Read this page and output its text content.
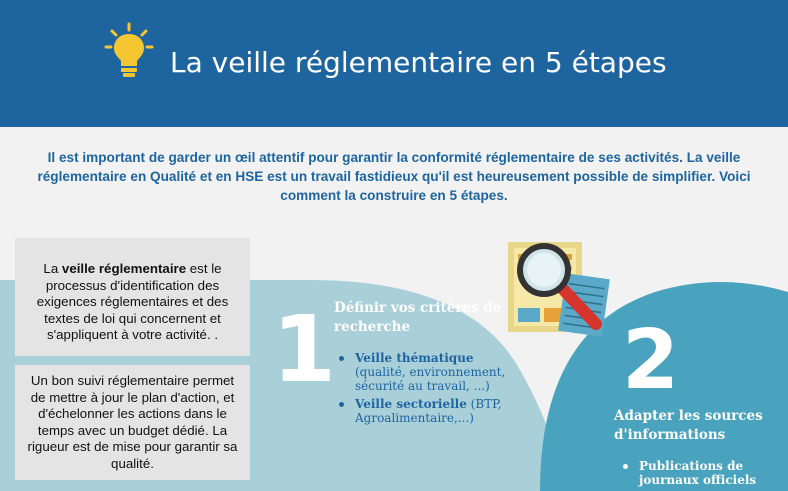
La veille réglementaire en 5 étapes

Il est important de garder un œil attentif pour garantir la conformité réglementaire de ses activités. La veille réglementaire en Qualité et en HSE est un travail fastidieux qu'il est heureusement possible de simplifier. Voici comment la construire en 5 étapes.

La veille réglementaire est le processus d'identification des exigences réglementaires et des textes de loi qui concernent et s'appliquent à votre activité. .

Un bon suivi réglementaire permet de mettre à jour le plan d'action, et d'échelonner les actions dans le temps avec un budget dédié. La rigueur est de mise pour garantir sa qualité.

1
Définir vos critères de recherche
Veille thématique
(qualité, environnement, sécurité au travail, ...)
Veille sectorielle (BTP, Agroalimentaire,...)
2
Adapter les sources d'informations
Publications de journaux officiels
